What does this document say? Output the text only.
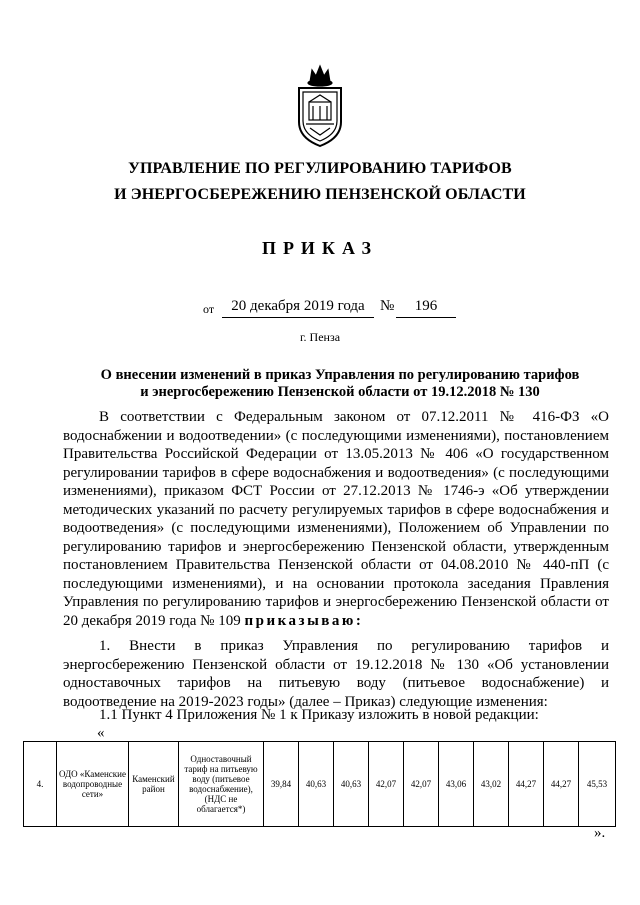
УПРАВЛЕНИЕ ПО РЕГУЛИРОВАНИЮ ТАРИФОВ
И ЭНЕРГОСБЕРЕЖЕНИЮ ПЕНЗЕНСКОЙ ОБЛАСТИ
ПРИКАЗ
от	20 декабря 2019 года	№	196
г. Пенза
О внесении изменений в приказ Управления по регулированию тарифов
и энергосбережению Пензенской области от 19.12.2018 № 130
В соответствии с Федеральным законом от 07.12.2011 № 416-ФЗ «О водоснабжении и водоотведении» (с последующими изменениями), постановлением Правительства Российской Федерации от 13.05.2013 № 406 «О государственном регулировании тарифов в сфере водоснабжения и водоотведения» (с последующими изменениями), приказом ФСТ России от 27.12.2013 № 1746-э «Об утверждении методических указаний по расчету регулируемых тарифов в сфере водоснабжения и водоотведения» (с последующими изменениями), Положением об Управлении по регулированию тарифов и энергосбережению Пензенской области, утвержденным постановлением Правительства Пензенской области от 04.08.2010 № 440-пП (с последующими изменениями), и на основании протокола заседания Правления Управления по регулированию тарифов и энергосбережению Пензенской области от 20 декабря 2019 года № 109 приказываю:
1. Внести в приказ Управления по регулированию тарифов и энергосбережению Пензенской области от 19.12.2018 № 130 «Об установлении одноставочных тарифов на питьевую воду (питьевое водоснабжение) и водоотведение на 2019-2023 годы» (далее – Приказ) следующие изменения:
1.1 Пункт 4 Приложения № 1 к Приказу изложить в новой редакции:
«
4.	ОДО «Каменские водопроводные сети»	Каменский район	Одноставочный тариф на питьевую воду (питьевое водоснабжение), (НДС не облагается*)	39,84	40,63	40,63	42,07	42,07	43,06	43,02	44,27	44,27	45,53
».
